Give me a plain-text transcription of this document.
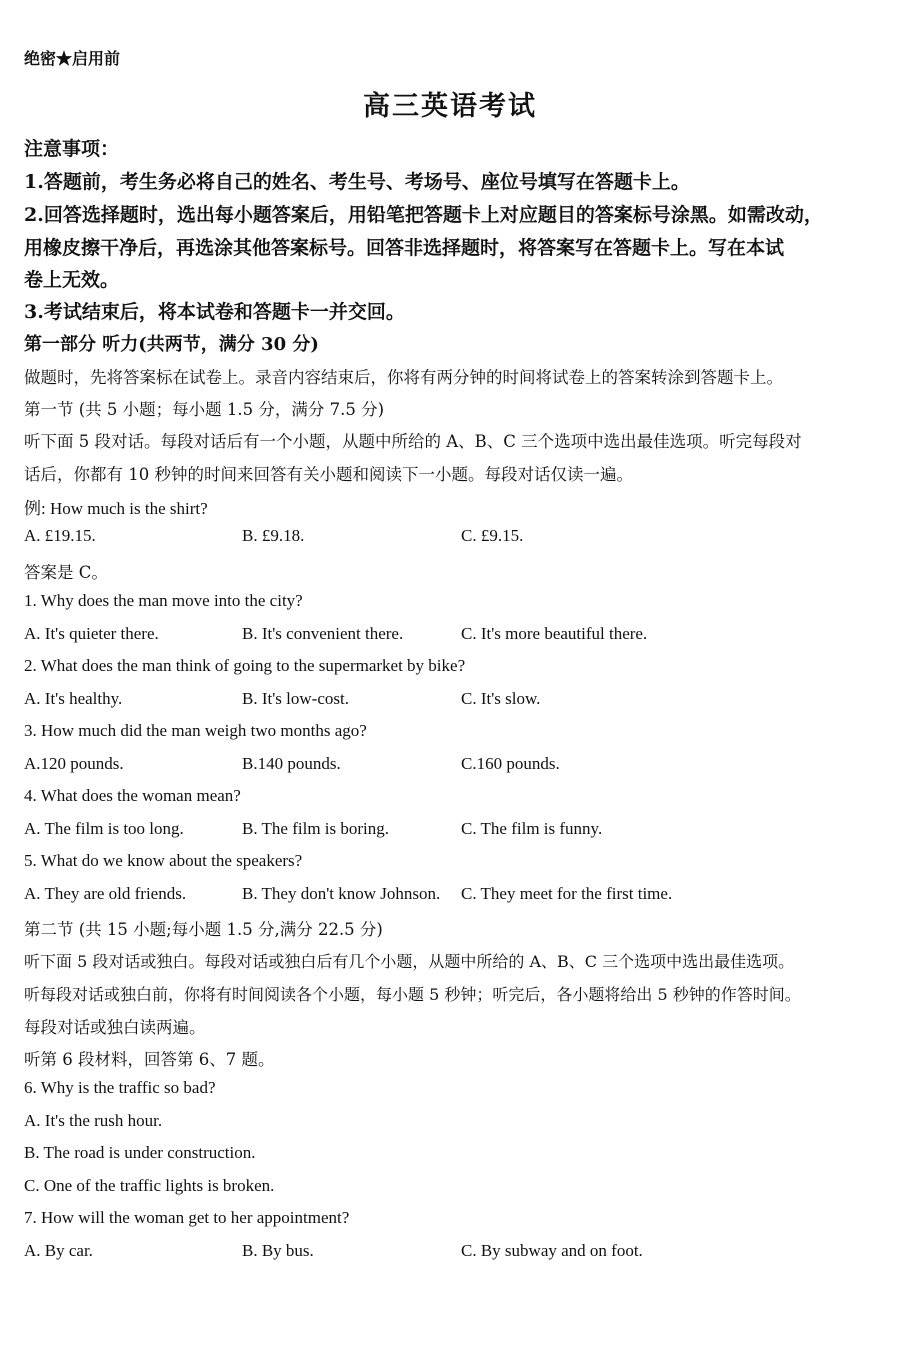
绝密★启用前
高三英语考试
注意事项：
1.答题前，考生务必将自己的姓名、考生号、考场号、座位号填写在答题卡上。
2.回答选择题时，选出每小题答案后，用铅笔把答题卡上对应题目的答案标号涂黑。如需改动，
用橡皮擦干净后，再选涂其他答案标号。回答非选择题时，将答案写在答题卡上。写在本试
卷上无效。
3.考试结束后，将本试卷和答题卡一并交回。
第一部分 听力(共两节，满分 30 分)
做题时，先将答案标在试卷上。录音内容结束后，你将有两分钟的时间将试卷上的答案转涂到答题卡上。
第一节 (共 5 小题；每小题 1.5 分，满分 7.5 分)
听下面 5 段对话。每段对话后有一个小题，从题中所给的 A、B、C 三个选项中选出最佳选项。听完每段对
话后，你都有 10 秒钟的时间来回答有关小题和阅读下一小题。每段对话仅读一遍。
例: How much is the shirt?
A. £19.15.	B. £9.18.	C. £9.15.
答案是 C。
1. Why does the man move into the city?
A. It's quieter there.	B. It's convenient there.	C. It's more beautiful there.
2. What does the man think of going to the supermarket by bike?
A. It's healthy.	B. It's low-cost.	C. It's slow.
3. How much did the man weigh two months ago?
A.120 pounds.	B.140 pounds.	C.160 pounds.
4. What does the woman mean?
A. The film is too long.	B. The film is boring.	C. The film is funny.
5. What do we know about the speakers?
A. They are old friends.	B. They don't know Johnson. C. They meet for the first time.
第二节 (共 15 小题;每小题 1.5 分,满分 22.5 分)
听下面 5 段对话或独白。每段对话或独白后有几个小题，从题中所给的 A、B、C 三个选项中选出最佳选项。
听每段对话或独白前，你将有时间阅读各个小题，每小题 5 秒钟；听完后，各小题将给出 5 秒钟的作答时间。
每段对话或独白读两遍。
听第 6 段材料，回答第 6、7 题。
6. Why is the traffic so bad?
A. It's the rush hour.
B. The road is under construction.
C. One of the traffic lights is broken.
7. How will the woman get to her appointment?
A. By car.	B. By bus.	C. By subway and on foot.
